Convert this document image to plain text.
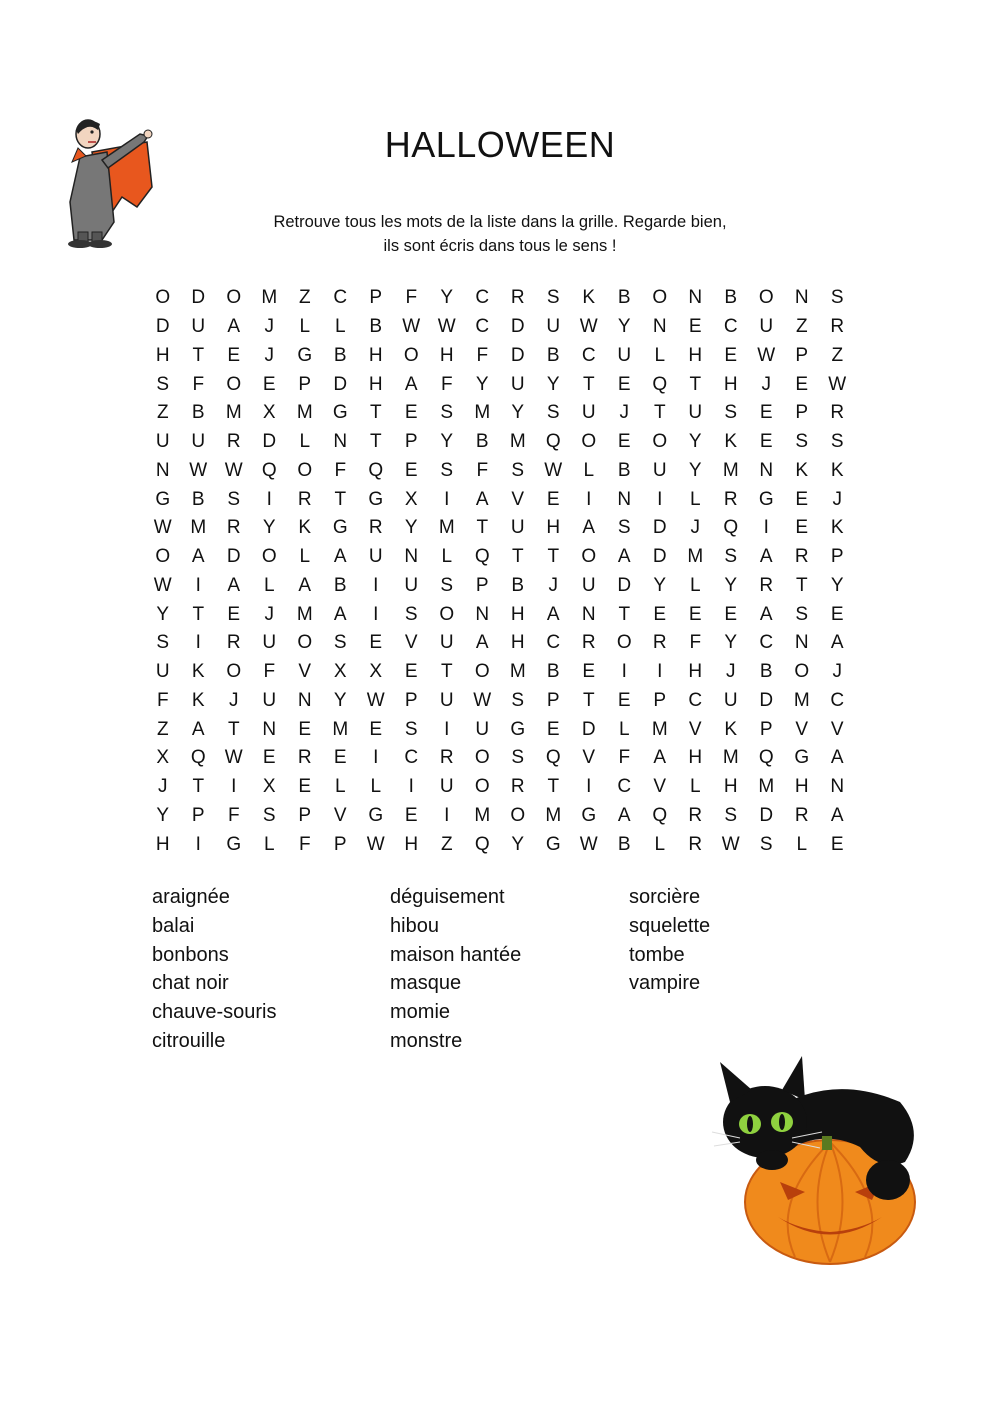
HALLOWEEN
Retrouve tous les mots de la liste dans la grille. Regarde bien,
ils sont écris dans tous le sens !
O	D	O	M	Z	C	P	F	Y	C	R	S	K	B	O	N	B	O	N	S
D	U	A	J	L	L	B	W W	C	D	U	W	Y	N	E	C	U	Z	R
H	T	E	J	G	B	H	O	H	F	D	B	C	U	L	H	E	W	P	Z
S	F	O	E	P	D	H	A	F	Y	U	Y	T	E	Q	T	H	J	E	W
Z	B	M	X	M	G	T	E	S	M	Y	S	U	J	T	U	S	E	P	R
U	U	R	D	L	N	T	P	Y	B	M	Q	O	E	O	Y	K	E	S	S
N	W W	Q	O	F	Q	E	S	F	S	W	L	B	U	Y	M	N	K	K
G	B	S	I	R	T	G	X	I	A	V	E	I	N	I	L	R	G	E	J
W M	R	Y	K	G	R	Y	M	T	U	H	A	S	D	J	Q	I	E	K
O	A	D	O	L	A	U	N	L	Q	T	T	O	A	D	M	S	A	R	P
W	I	A	L	A	B	I	U	S	P	B	J	U	D	Y	L	Y	R	T	Y
Y	T	E	J	M	A	I	S	O	N	H	A	N	T	E	E	E	A	S	E
S	I	R	U	O	S	E	V	U	A	H	C	R	O	R	F	Y	C	N	A
U	K	O	F	V	X	X	E	T	O	M	B	E	I	I	H	J	B	O	J
F	K	J	U	N	Y	W	P	U	W	S	P	T	E	P	C	U	D	M	C
Z	A	T	N	E	M	E	S	I	U	G	E	D	L	M	V	K	P	V	V
X	Q	W	E	R	E	I	C	R	O	S	Q	V	F	A	H	M	Q	G	A
J	T	I	X	E	L	L	I	U	O	R	T	I	C	V	L	H	M	H	N
Y	P	F	S	P	V	G	E	I	M	O	M	G	A	Q	R	S	D	R	A
H	I	G	L	F	P	W	H	Z	Q	Y	G	W	B	L	R	W	S	L	E
araignée
balai
bonbons
chat noir
chauve-souris
citrouille
déguisement
hibou
maison hantée
masque
momie
monstre
sorcière
squelette
tombe
vampire
